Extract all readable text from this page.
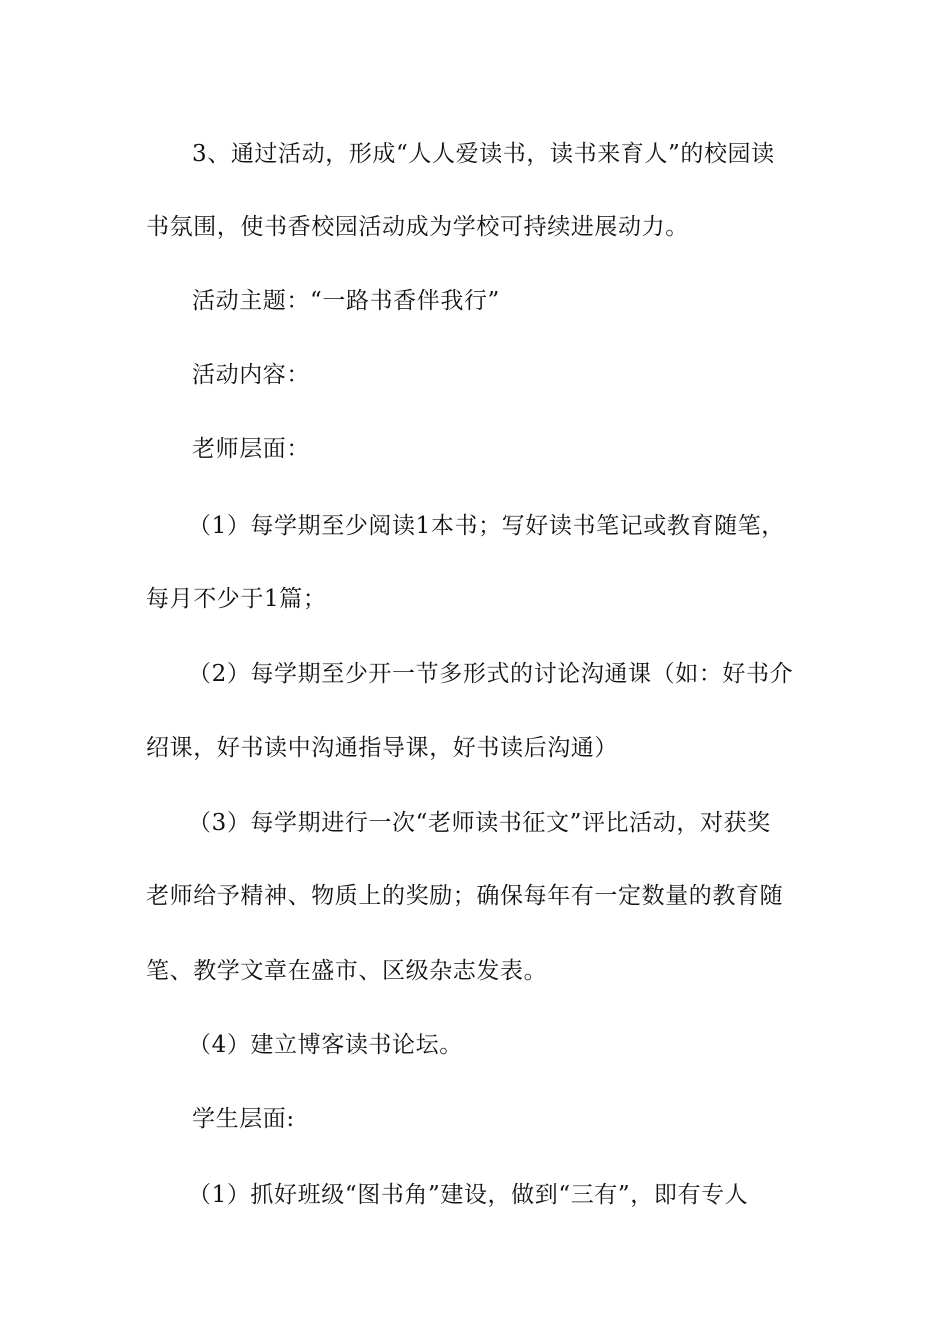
3、通过活动，形成“人人爱读书，读书来育人”的校园读
书氛围，使书香校园活动成为学校可持续进展动力。
活动主题：“一路书香伴我行”
活动内容：
老师层面：
（1）每学期至少阅读1本书；写好读书笔记或教育随笔，
每月不少于1篇；
（2）每学期至少开一节多形式的讨论沟通课（如：好书介
绍课，好书读中沟通指导课，好书读后沟通）
（3）每学期进行一次“老师读书征文”评比活动，对获奖
老师给予精神、物质上的奖励；确保每年有一定数量的教育随
笔、教学文章在盛市、区级杂志发表。
（4）建立博客读书论坛。
学生层面:
（1）抓好班级“图书角”建设，做到“三有”，即有专人
